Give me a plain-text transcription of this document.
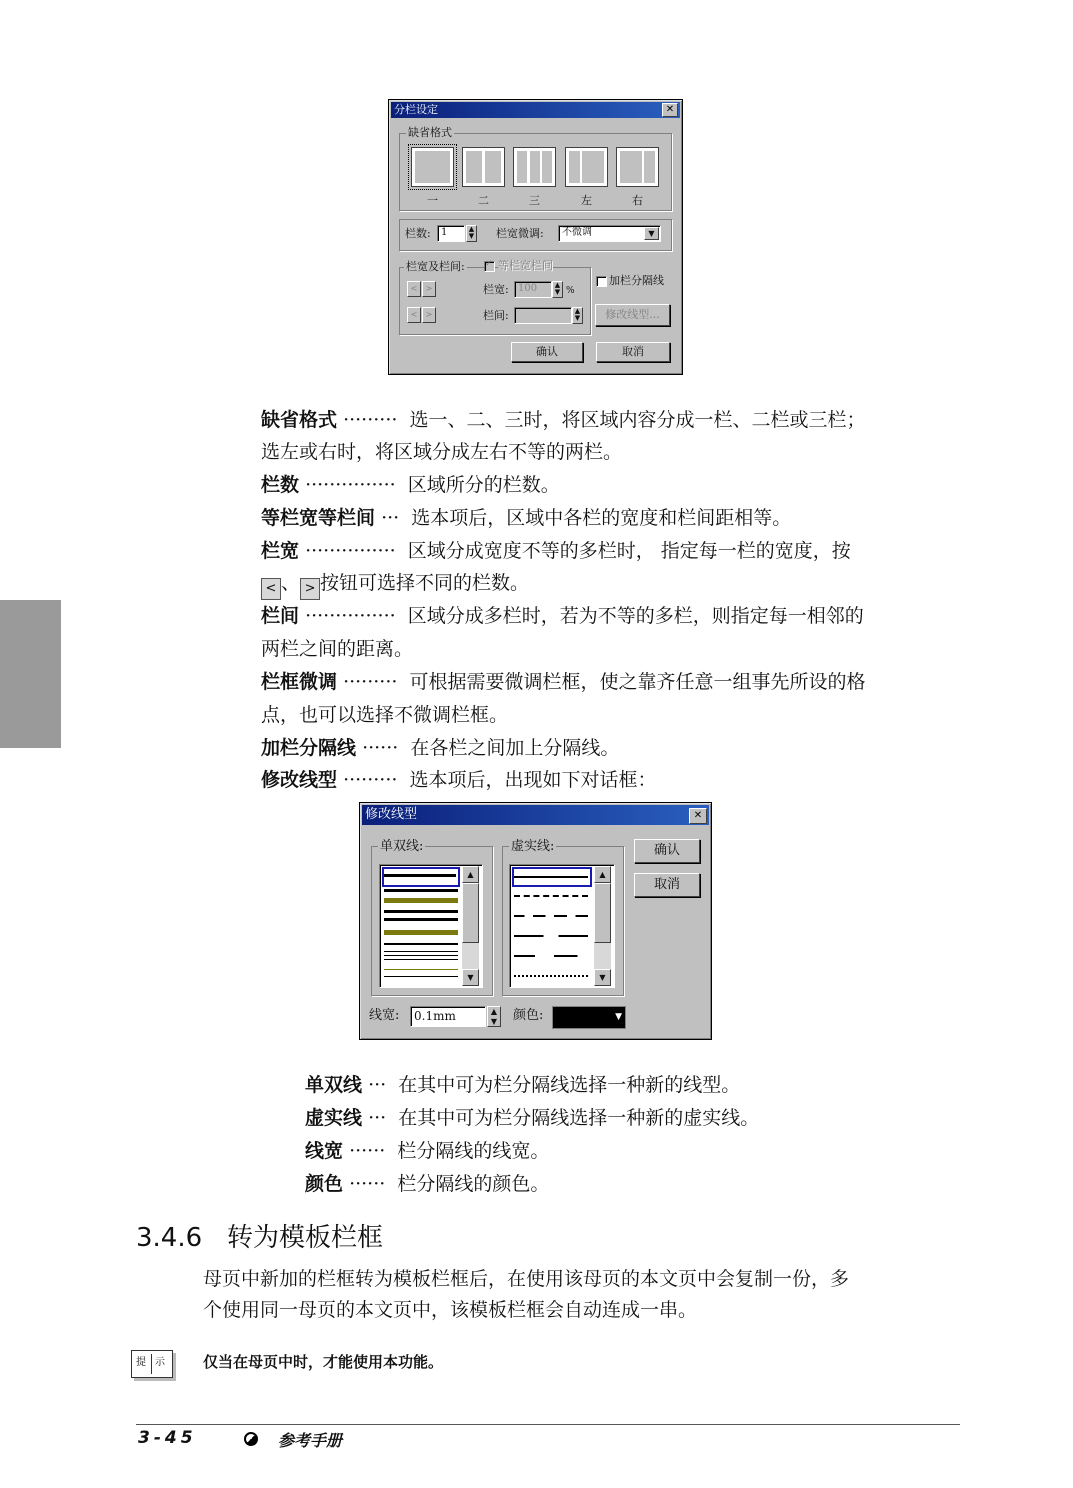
分栏设定	✕
缺省格式
一	二	三	左	右
栏数:	1	▲
▼ 栏宽微调:	不微调	▼
栏宽及栏间:
✓	等栏宽栏间
<	>
<	>
栏宽: 100	▲
▼ %
栏间:	▲
▼
加栏分隔线
修改线型...
确认	取消
缺省格式 ········· 选一、二、三时，将区域内容分成一栏、二栏或三栏；
选左或右时，将区域分成左右不等的两栏。
栏数 ··············· 区域所分的栏数。
等栏宽等栏间 ··· 选本项后，区域中各栏的宽度和栏间距相等。
栏宽 ··············· 区域分成宽度不等的多栏时， 指定每一栏的宽度，按
< 、 > 按钮可选择不同的栏数。
栏间 ··············· 区域分成多栏时，若为不等的多栏，则指定每一相邻的
两栏之间的距离。
栏框微调 ········· 可根据需要微调栏框，使之靠齐任意一组事先所设的格
点，也可以选择不微调栏框。
加栏分隔线 ······ 在各栏之间加上分隔线。
修改线型 ········· 选本项后，出现如下对话框：
修改线型	✕
单双线:
▲
▼
虚实线:
▲
▼
确认
取消
线宽:	0.1mm	▲
▼	颜色:	▼
单双线 ··· 在其中可为栏分隔线选择一种新的线型。
虚实线 ··· 在其中可为栏分隔线选择一种新的虚实线。
线宽 ······ 栏分隔线的线宽。
颜色 ······ 栏分隔线的颜色。
3.4.6 转为模板栏框
母页中新加的栏框转为模板栏框后，在使用该母页的本文页中会复制一份，多
个使用同一母页的本文页中，该模板栏框会自动连成一串。
提 示	仅当在母页中时，才能使用本功能。
3-45	参考手册
